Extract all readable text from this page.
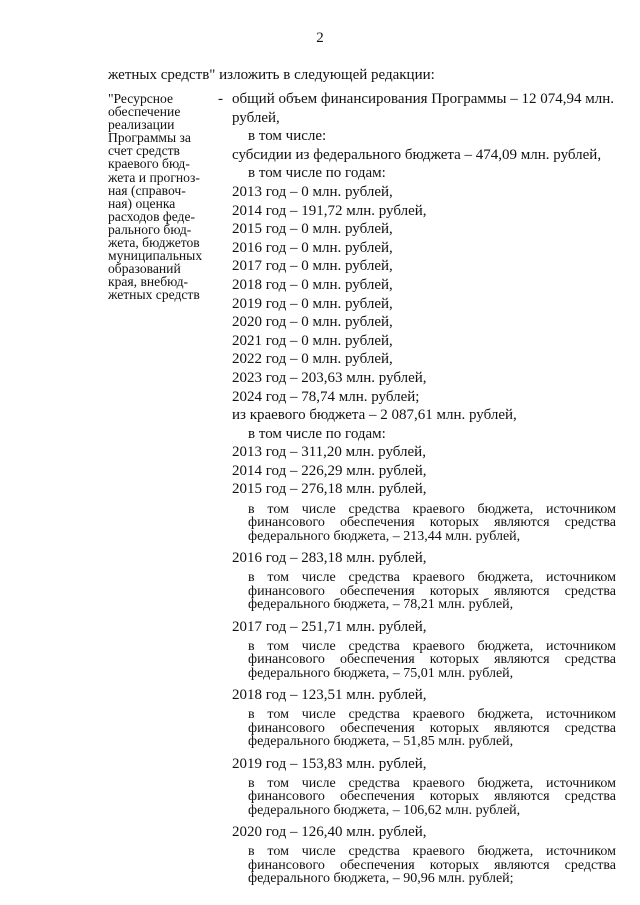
2
жетных средств" изложить в следующей редакции:
"Ресурсное
обеспечение
реализации
Программы за
счет средств
краевого бюд-
жета и прогноз-
ная (справоч-
ная) оценка
расходов феде-
рального бюд-
жета, бюджетов
муниципальных
образований
края, внебюд-
жетных средств
- общий объем финансирования Программы – 12 074,94 млн.
рублей,
в том числе:
субсидии из федерального бюджета – 474,09 млн. рублей,
в том числе по годам:
2013 год – 0 млн. рублей,
2014 год – 191,72 млн. рублей,
2015 год – 0 млн. рублей,
2016 год – 0 млн. рублей,
2017 год – 0 млн. рублей,
2018 год – 0 млн. рублей,
2019 год – 0 млн. рублей,
2020 год – 0 млн. рублей,
2021 год – 0 млн. рублей,
2022 год – 0 млн. рублей,
2023 год – 203,63 млн. рублей,
2024 год – 78,74 млн. рублей;
из краевого бюджета – 2 087,61 млн. рублей,
в том числе по годам:
2013 год – 311,20 млн. рублей,
2014 год – 226,29 млн. рублей,
2015 год – 276,18 млн. рублей,
в том числе средства краевого бюджета, источником финансового обеспечения которых являются средства федерального бюджета, – 213,44 млн. рублей,
2016 год – 283,18 млн. рублей,
в том числе средства краевого бюджета, источником финансового обеспечения которых являются средства федерального бюджета, – 78,21 млн. рублей,
2017 год – 251,71 млн. рублей,
в том числе средства краевого бюджета, источником финансового обеспечения которых являются средства федерального бюджета, – 75,01 млн. рублей,
2018 год – 123,51 млн. рублей,
в том числе средства краевого бюджета, источником финансового обеспечения которых являются средства федерального бюджета, – 51,85 млн. рублей,
2019 год – 153,83 млн. рублей,
в том числе средства краевого бюджета, источником финансового обеспечения которых являются средства федерального бюджета, – 106,62 млн. рублей,
2020 год – 126,40 млн. рублей,
в том числе средства краевого бюджета, источником финансового обеспечения которых являются средства федерального бюджета, – 90,96 млн. рублей;
